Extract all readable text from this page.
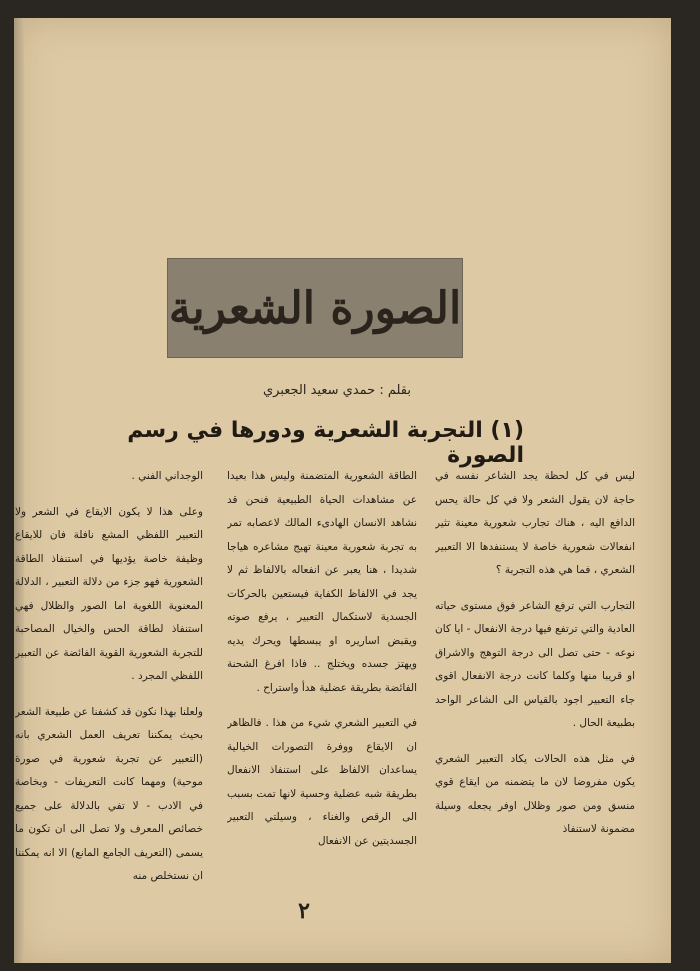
الصورة الشعرية
بقلم : حمدي سعيد الجعبري
(١) التجربة الشعرية ودورها في رسم الصورة

ليس في كل لحظة يجد الشاعر نفسه في حاجة لان يقول الشعر ولا في كل حالة يحس الدافع اليه ، هناك تجارب شعورية معينة تثير انفعالات شعورية خاصة لا يستنفدها الا التعبير الشعري ، فما هي هذه التجربة ؟

التجارب التي ترفع الشاعر فوق مستوى حياته العادية والتي ترتفع فيها درجة الانفعال - ايا كان نوعه - حتى تصل الى درجة التوهج والاشراق او قريبا منها وكلما كانت درجة الانفعال اقوى جاء التعبير اجود بالقياس الى الشاعر الواحد بطبيعة الحال .

في مثل هذه الحالات يكاد التعبير الشعري يكون مفروضا لان ما يتضمنه من ايقاع قوي منسق ومن صور وظلال اوفر يجعله وسيلة مضمونة لاستنفاذ

الطاقة الشعورية المتضمنة وليس هذا بعيدا عن مشاهدات الحياة الطبيعية فنحن قد نشاهد الانسان الهادىء المالك لاعصابه تمر به تجربة شعورية معينة تهيج مشاعره هياجا شديدا ، هنا يعبر عن انفعاله بالالفاظ ثم لا يجد في الالفاظ الكفاية فيستعين بالحركات الجسدية لاستكمال التعبير ، يرفع صوته ويقبض اساريره او يبسطها ويحرك يديه ويهتز جسده ويختلج .. فاذا افرغ الشحنة الفائضة بطريقة عضلية هدأ واستراح .

في التعبير الشعري شيء من هذا . فالظاهر ان الايقاع ووفرة التصورات الخيالية يساعدان الالفاظ على استنفاذ الانفعال بطريقة شبه عضلية وحسية لانها تمت بسبب الى الرقص والغناء ، وسيلتي التعبير الجسديتين عن الانفعال

الوجداني الفني .

وعلى هذا لا يكون الايقاع في الشعر ولا التعبير اللفظي المشع نافلة فان للايقاع وظيفة خاصة يؤديها في استنفاذ الطاقة الشعورية فهو جزء من دلالة التعبير ، الدلالة المعنوية اللغوية اما الصور والظلال فهي استنفاذ لطاقة الحس والخيال المصاحبة للتجربة الشعورية القوية الفائضة عن التعبير اللفظي المجرد .

ولعلنا بهذا نكون قد كشفنا عن طبيعة الشعر بحيث يمكننا تعريف العمل الشعري بانه (التعبير عن تجربة شعورية في صورة موحية) ومهما كانت التعريفات - وبخاصة في الادب - لا تفي بالدلالة على جميع خصائص المعرف ولا تصل الى ان تكون ما يسمى (التعريف الجامع المانع) الا انه يمكننا ان نستخلص منه

٢
